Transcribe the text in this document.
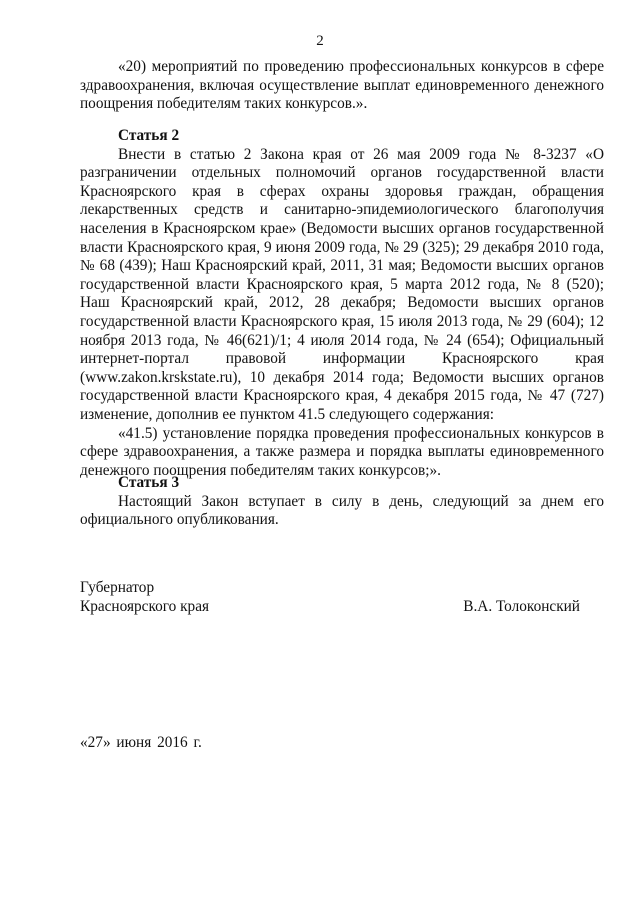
2
«20) мероприятий по проведению профессиональных конкурсов в сфере
здравоохранения, включая осуществление выплат единовременного денежного
поощрения победителям таких конкурсов.».

Статья 2

Внести в статью 2 Закона края от 26 мая 2009 года № 8-3237 «О
разграничении отдельных полномочий органов государственной власти
Красноярского края в сферах охраны здоровья граждан, обращения
лекарственных средств и санитарно-эпидемиологического благополучия
населения в Красноярском крае» (Ведомости высших органов государственной
власти Красноярского края, 9 июня 2009 года, № 29 (325); 29 декабря 2010 года,
№ 68 (439); Наш Красноярский край, 2011, 31 мая; Ведомости высших органов
государственной власти Красноярского края, 5 марта 2012 года, № 8 (520);
Наш Красноярский край, 2012, 28 декабря; Ведомости высших органов
государственной власти Красноярского края, 15 июля 2013 года, № 29 (604); 12
ноября 2013 года, № 46(621)/1; 4 июля 2014 года, № 24 (654); Официальный
интернет-портал правовой информации Красноярского края
(www.zakon.krskstate.ru), 10 декабря 2014 года; Ведомости высших органов
государственной власти Красноярского края, 4 декабря 2015 года, № 47 (727)
изменение, дополнив ее пунктом 41.5 следующего содержания:
«41.5) установление порядка проведения профессиональных конкурсов в
сфере здравоохранения, а также размера и порядка выплаты единовременного
денежного поощрения победителям таких конкурсов;».

Статья 3

Настоящий Закон вступает в силу в день, следующий за днем его
официального опубликования.
Губернатор
Красноярского края	В.А. Толоконский
«27» июня 2016 г.
